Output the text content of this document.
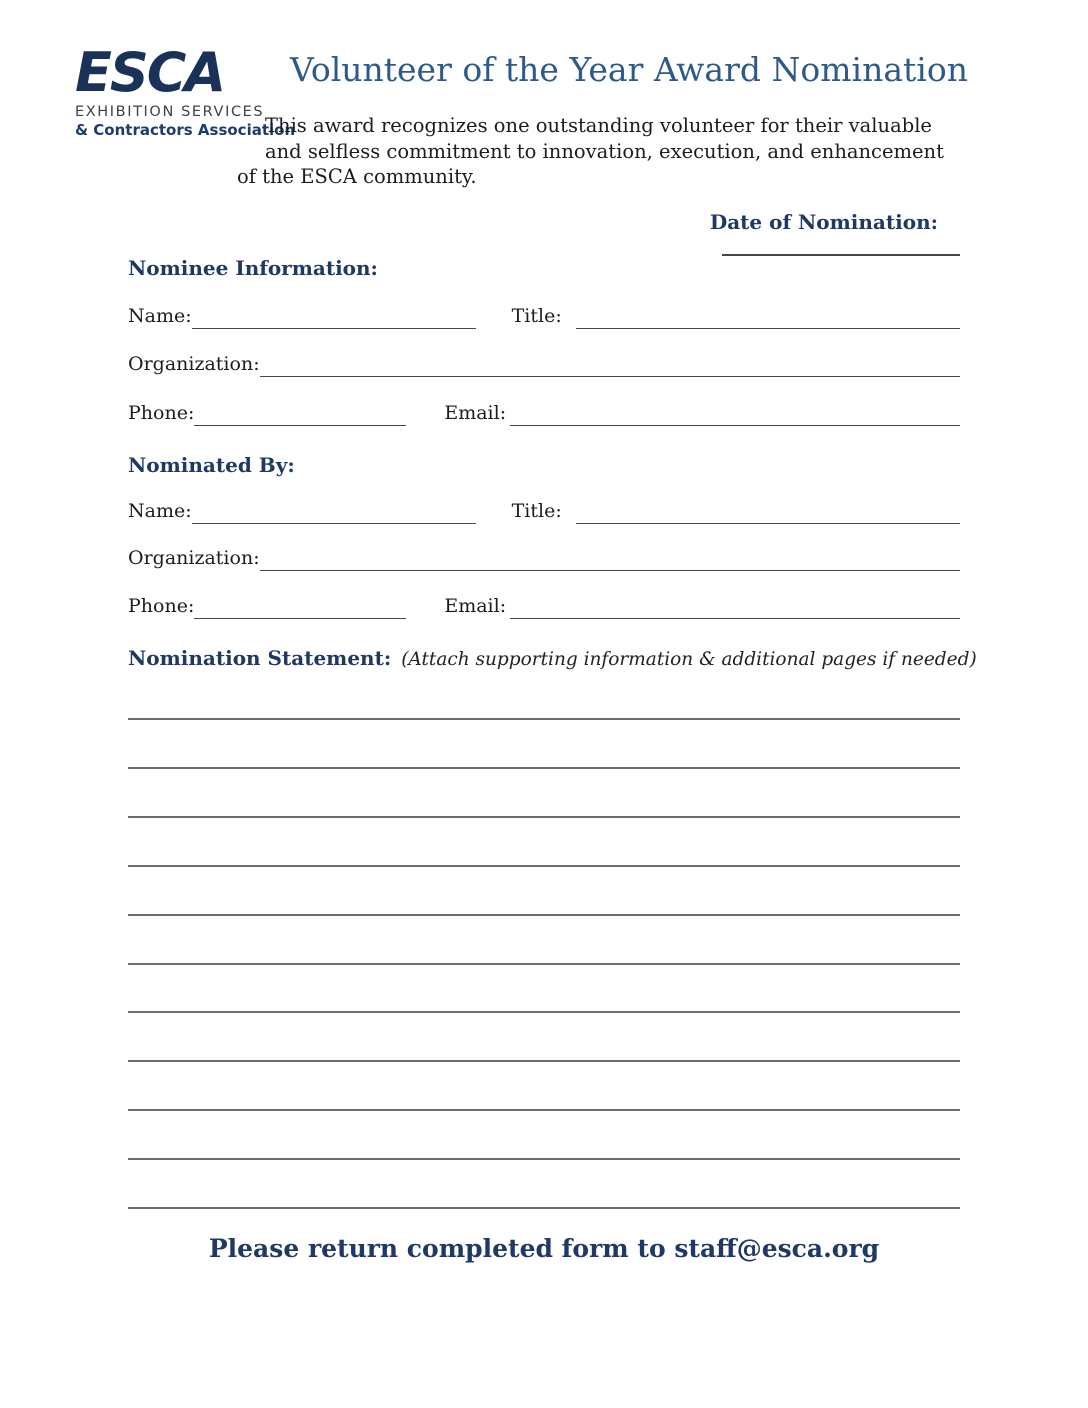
ESCA
EXHIBITION SERVICES
& Contractors Association
Volunteer of the Year Award Nomination
This award recognizes one outstanding volunteer for their valuable
and selfless commitment to innovation, execution, and enhancement
of the ESCA community.
Date of Nomination:
Nominee Information:
Name:	Title:
Organization:
Phone:	Email:
Nominated By:
Name:	Title:
Organization:
Phone:	Email:
Nomination Statement: (Attach supporting information & additional pages if needed)
Please return completed form to staff@esca.org
